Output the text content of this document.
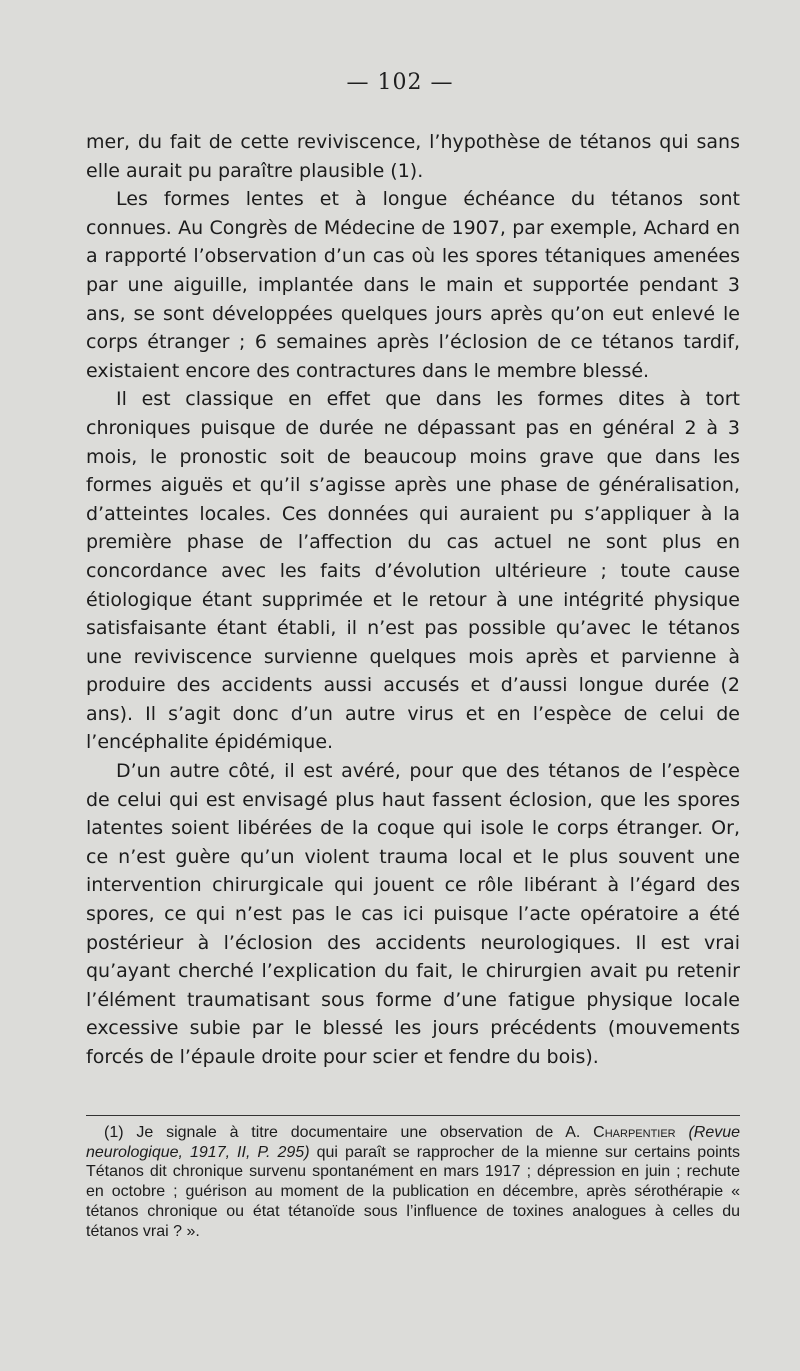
— 102 —

mer, du fait de cette reviviscence, l’hypothèse de tétanos qui sans elle aurait pu paraître plausible (1).

Les formes lentes et à longue échéance du tétanos sont connues. Au Congrès de Médecine de 1907, par exemple, Achard en a rapporté l’observation d’un cas où les spores tétaniques amenées par une aiguille, implantée dans le main et supportée pendant 3 ans, se sont développées quelques jours après qu’on eut enlevé le corps étranger ; 6 semaines après l’éclosion de ce tétanos tardif, existaient encore des contractures dans le membre blessé.

Il est classique en effet que dans les formes dites à tort chroniques puisque de durée ne dépassant pas en général 2 à 3 mois, le pronostic soit de beaucoup moins grave que dans les formes aiguës et qu’il s’agisse après une phase de généralisation, d’atteintes locales. Ces données qui auraient pu s’appliquer à la première phase de l’affection du cas actuel ne sont plus en concordance avec les faits d’évolution ultérieure ; toute cause étiologique étant supprimée et le retour à une intégrité physique satisfaisante étant établi, il n’est pas possible qu’avec le tétanos une reviviscence survienne quelques mois après et parvienne à produire des accidents aussi accusés et d’aussi longue durée (2 ans). Il s’agit donc d’un autre virus et en l’espèce de celui de l’encéphalite épidémique.

D’un autre côté, il est avéré, pour que des tétanos de l’espèce de celui qui est envisagé plus haut fassent éclosion, que les spores latentes soient libérées de la coque qui isole le corps étranger. Or, ce n’est guère qu’un violent trauma local et le plus souvent une intervention chirurgicale qui jouent ce rôle libérant à l’égard des spores, ce qui n’est pas le cas ici puisque l’acte opératoire a été postérieur à l’éclosion des accidents neurologiques. Il est vrai qu’ayant cherché l’explication du fait, le chirurgien avait pu retenir l’élément traumatisant sous forme d’une fatigue physique locale excessive subie par le blessé les jours précédents (mouvements forcés de l’épaule droite pour scier et fendre du bois).

(1) Je signale à titre documentaire une observation de A. Charpentier (Revue neurologique, 1917, II, P. 295) qui paraît se rapprocher de la mienne sur certains points Tétanos dit chronique survenu spontanément en mars 1917 ; dépression en juin ; rechute en octobre ; guérison au moment de la publication en décembre, après sérothérapie « tétanos chronique ou état tétanoïde sous l’influence de toxines analogues à celles du tétanos vrai ? ».
